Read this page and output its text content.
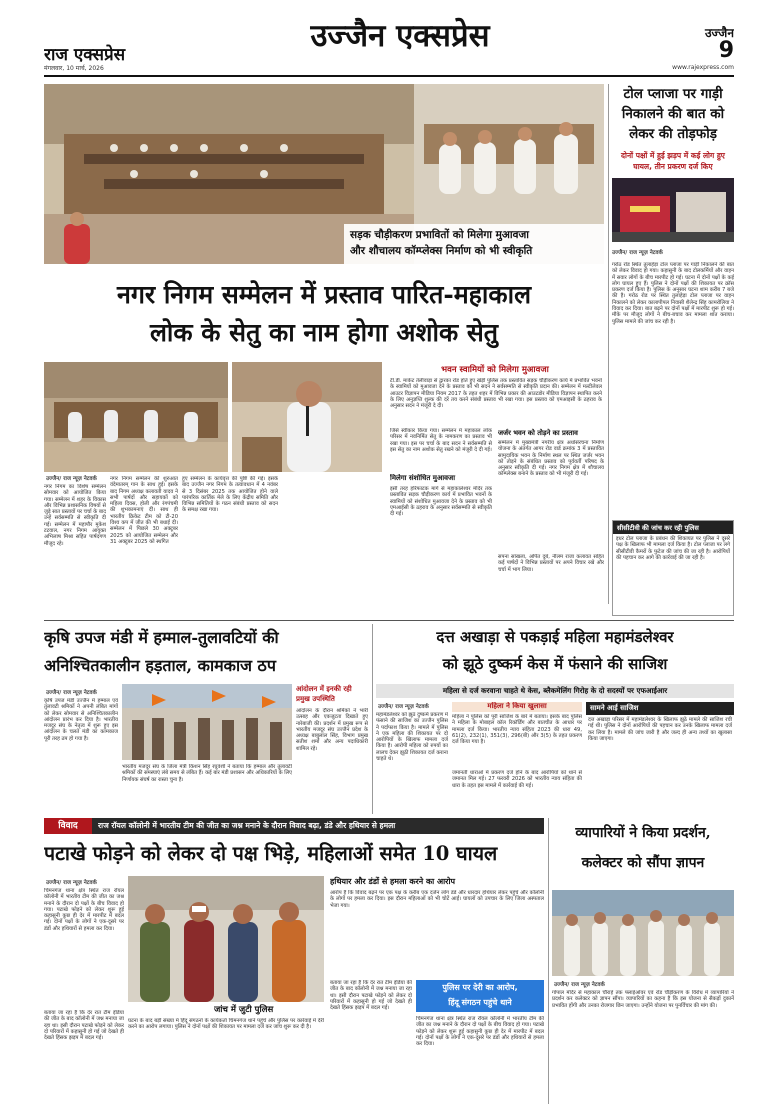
राज एक्सप्रेस
मंगलवार, 10 मार्च, 2026
उज्जैन एक्सप्रेस	उज्जैन
9
www.rajexpress.com
सड़क चौड़ीकरण प्रभावितों को मिलेगा मुआवजा
और शौचालय कॉम्प्लेक्स निर्माण को भी स्वीकृति
नगर निगम सम्मेलन में प्रस्ताव पारित-महाकाल
लोक के सेतु का नाम होगा अशोक सेतु
उज्जैन/ राज न्यूज़ नेटवर्क
नगर निगम का विशेष सम्मेलन सोमवार को आयोजित किया गया। सम्मेलन में शहर के विकास और विभिन्न प्रशासनिक विषयों से जुड़े सात प्रस्तावों पर चर्चा के बाद उन्हें सर्वसम्मति से स्वीकृति दी गई। सम्मेलन में महापौर मुकेश टटवाल, नगर निगम आयुक्त अभिलाष मिश्रा सहित पार्षदगण मौजूद रहे।
नगर निगम सम्मेलन की शुरुआत वंदेमातरम् गान के साथ हुई। इसके बाद निगम अध्यक्ष कलावती यादव ने सभी पार्षदों और सहायकों को महिला दिवस, होली और रंगपंचमी की शुभकामनाएं दीं। साथ ही भारतीय क्रिकेट टीम को टी-20 विश्व कप में जीत की भी बधाई दी। सम्मेलन में पिछले 30 अक्टूबर 2025 को आयोजित सम्मेलन और 31 अक्टूबर 2025 को स्थगित
हुए सम्मेलन के कार्यवृत्त की पुष्टि की गई। इसके बाद उज्जैन नगर निगम के तत्वावधान में 4 नवंबर से 3 दिसंबर 2025 तक आयोजित होने वाले पारंपरिक कार्तिक मेले के लिए केंद्रीय समिति और विभिन्न समितियों के गठन संबंधी प्रस्ताव को सदन के समक्ष रखा गया।
भवन स्वामियों को मिलेगा मुआवजा
टी.डी. मार्केट तेलीवाड़ा से द्वारका रोड होते हुए खेड़ी पुलिस तक प्रस्तावित सड़क चौड़ीकरण कार्य में प्रभावित भवनों के स्वामियों को मुआवजा देने के प्रस्ताव को भी सदन ने सर्वसम्मति से स्वीकृति प्रदान की। सम्मेलन में मल्टीलेवल आउटर विज्ञापन मीडिया नियम 2017 के तहत शहर में विभिन्न प्रकार की आउटडोर मीडिया विज्ञापन स्थापित करने के लिए अनुज्ञप्ति शुल्क की दरें तय करने संबंधी प्रस्ताव भी रखा गया। इस प्रस्ताव को एमआइसी के ठहराव के अनुसार सदन ने मंजूरी दे दी।
जिसे स्वीकार किया गया। सम्मेलन में महाकाल लोक परिसर में नवनिर्मित सेतु के नामकरण का प्रस्ताव भी रखा गया। इस पर चर्चा के बाद सदन ने सर्वसम्मति से इस सेतु का नाम अशोक सेतु रखने को मंजूरी दे दी गई।
मिलेगा संशोधित मुआवजा
इसी तरह हरिफाटक मार्ग से महाकालेश्वर मंदिर तक प्रस्तावित सड़क चौड़ीकरण कार्य में प्रभावित भवनों के स्वामियों को संशोधित मुआवजा देने के प्रस्ताव को भी एमआईसी के ठहराव के अनुसार सर्वसम्मति से स्वीकृति दी गई।
जर्जर भवन को तोड़ने का प्रस्ताव
सम्मेलन में मुख्यमंत्री नगरीय क्षेत्र अधोसंरचना निर्माण योजना के अंतर्गत आगर रोड वार्ड क्रमांक 3 में प्रस्तावित सामुदायिक भवन के निर्माण स्थल पर स्थित जर्जर भवन को तोड़ने के संबंधित प्रस्ताव को पूर्ववर्ती परिषद के अनुसार स्वीकृति दी गई। नगर निगम क्षेत्र में शौचालय कॉम्प्लेक्स बनाने के प्रस्ताव को भी मंजूरी दी गई।
सपना सांखला, अर्पित दुबे, नीलम राजा कलावत सहित कई पार्षदों ने विभिन्न प्रस्तावों पर अपने विचार रखे और चर्चा में भाग लिया।
टोल प्लाजा पर गाड़ी
निकालने की बात को
लेकर की तोड़फोड़
दोनों पक्षों में हुई झड़प में कई लोग हुए घायल, तीन प्रकरण दर्ज किए
उज्जैन/ राज न्यूज़ नेटवर्क
गरोठ रोड स्थित तुलाहेड़ा टोल प्लाजा पर गाड़ी निकालने की बात को लेकर विवाद हो गया। कहासुनी के बाद टोलकर्मियों और वाहन में सवार लोगों के बीच मारपीट हो गई। घटना में दोनों पक्षों के कई लोग घायल हुए हैं। पुलिस ने दोनों पक्षों की शिकायत पर क्रॉस प्रकरण दर्ज किया है। पुलिस के अनुसार घटना शाम करीब 7 बजे की है। गरोठ रोड पर स्थित तुलाहेड़ा टोल प्लाजा पर वाहन निकालने को लेकर कालापीपल निवासी शैलेन्द्र सिंह कामरोलिया ने विवाद कर दिया। बात बढ़ने पर दोनों पक्षों में मारपीट शुरू हो गई। मौके पर मौजूद लोगों ने बीच-बचाव कर मामला शांत कराया। पुलिस मामले की जांच कर रही है।
सीसीटीवी की जांच कर रही पुलिस
इधर टोल प्लाजा के प्रबंधन की शिकायत पर पुलिस ने दूसरे पक्ष के खिलाफ भी मामला दर्ज किया है। टोल प्लाजा पर लगे सीसीटीवी कैमरों के फुटेज की जांच की जा रही है। आरोपियों की पहचान कर आगे की कार्रवाई की जा रही है।
कृषि उपज मंडी में हम्माल-तुलावटियों की
अनिश्चितकालीन हड़ताल, कामकाज ठप
उज्जैन/ राज न्यूज़ नेटवर्क
कृषि उपज मंडी उज्जैन में हम्माल एवं तुलावटी श्रमिकों ने अपनी लंबित मांगों को लेकर सोमवार से अनिश्चितकालीन आंदोलन प्रारंभ कर दिया है। भारतीय मजदूर संघ के नेतृत्व में शुरू हुए इस आंदोलन के चलते मंडी का कामकाज पूरी तरह ठप हो गया है।
आंदोलन में इनकी रही प्रमुख उपस्थिति
आंदोलन के दौरान श्रमिकों ने भारी उत्साह और एकजुटता दिखाते हुए नारेबाजी की। प्रदर्शन में प्रमुख रूप से भारतीय मजदूर संघ उज्जैन प्रदेश के अध्यक्ष बाबुलाल सिंह, विभाग प्रमुख सतीश शर्मा और अन्य पदाधिकारी शामिल रहे।
भारतीय मजदूर संघ के जिला मंत्री किशन सिंह रघुवंशी ने बताया कि हम्माल और तुलावटी श्रमिकों की समस्याएं लंबे समय से लंबित हैं। कई बार मंडी प्रशासन और अधिकारियों के लिए निर्णायक संघर्ष का रास्ता चुना है।
दत्त अखाड़ा से पकड़ाई महिला महामंडलेश्वर
को झूठे दुष्कर्म केस में फंसाने की साजिश
महिला से दर्ज करवाना चाहते थे केस, ब्लैकमेलिंग गिरोह के दो सदस्यों पर एफआईआर
उज्जैन/ राज न्यूज़ नेटवर्क
महामंडलेश्वर को झूठे दुष्कर्म प्रकरण में फंसाने की साजिश का उज्जैन पुलिस ने पर्दाफाश किया है। मामले में पुलिस ने एक महिला की शिकायत पर दो आरोपियों के खिलाफ मामला दर्ज किया है। आरोपी महिला को रुपयों का लालच देकर झूठी शिकायत दर्ज कराना चाहते थे।
महिला ने किया खुलासा
महिला ने पुलिस को पूरी साजिश के बारे में बताया। इसके बाद पुलिस ने महिला के मोबाइल कॉल रिकॉर्डिंग और बातचीत के आधार पर मामला दर्ज किया। भारतीय न्याय संहिता 2023 की धारा 49, 61(2), 232(1), 351(3), 296(बी) और 3(5) के तहत प्रकरण दर्ज किया गया है।
जमानती धाराओं में प्रकरण दर्ज होने के बाद आरोपियों को थाने से जमानत मिल गई। 27 फरवरी 2026 को भारतीय न्याय संहिता की धारा के तहत इस मामले में कार्रवाई की गई।
सामने आई साजिश
दत्त अखाड़ा परिसर में महामंडलेश्वर के खिलाफ झूठे मामले की साजिश रची गई थी। पुलिस ने दोनों आरोपियों की पहचान कर उनके खिलाफ मामला दर्ज कर लिया है। मामले की जांच जारी है और जल्द ही अन्य तथ्यों का खुलासा किया जाएगा।
विवाद	राज रॉयल कॉलोनी में भारतीय टीम की जीत का जश्न मनाने के दौरान विवाद बढ़ा, डंडे और हथियार से हमला
पटाखे फोड़ने को लेकर दो पक्ष भिड़े, महिलाओं समेत 10 घायल
उज्जैन/ राज न्यूज़ नेटवर्क
चिमनगंज थाना क्षेत्र स्थित राज रॉयल कॉलोनी में भारतीय टीम की जीत का जश्न मनाने के दौरान दो पक्षों के बीच विवाद हो गया। पटाखे फोड़ने को लेकर शुरू हुई कहासुनी कुछ ही देर में मारपीट में बदल गई। दोनों पक्षों के लोगों ने एक-दूसरे पर डंडों और हथियारों से हमला कर दिया।
बताया जा रहा है कि देर रात टीम इंडिया की जीत के बाद कॉलोनी में जश्न मनाया जा रहा था। इसी दौरान पटाखे फोड़ने को लेकर दो परिवारों में कहासुनी हो गई जो देखते ही देखते हिंसक झड़प में बदल गई।
जांच में जुटी पुलिस
घटना के बाद बड़ी संख्या में हिंदू संगठनों के कार्यकर्ता चिमनगंज थाने पहुंचे और पुलिस पर कार्रवाई में देरी करने का आरोप लगाया। पुलिस ने दोनों पक्षों की शिकायत पर मामला दर्ज कर जांच शुरू कर दी है।
हथियार और डंडों से हमला करने का आरोप
आरोप है कि विवाद बढ़ने पर एक पक्ष के करीब एक दर्जन लोग डंडे और धारदार हथियार लेकर पहुंचे और कॉलोनी के लोगों पर हमला कर दिया। इस दौरान महिलाओं को भी चोटें आईं। घायलों को उपचार के लिए जिला अस्पताल भेजा गया।
पुलिस पर देरी का आरोप,
हिंदू संगठन पहुंचे थाने
बताया जा रहा है कि देर रात टीम इंडिया की जीत के बाद कॉलोनी में जश्न मनाया जा रहा था। इसी दौरान पटाखे फोड़ने को लेकर दो परिवारों में कहासुनी हो गई जो देखते ही देखते हिंसक झड़प में बदल गई।
चिमनगंज थाना क्षेत्र स्थित राज रॉयल कॉलोनी में भारतीय टीम की जीत का जश्न मनाने के दौरान दो पक्षों के बीच विवाद हो गया। पटाखे फोड़ने को लेकर शुरू हुई कहासुनी कुछ ही देर में मारपीट में बदल गई। दोनों पक्षों के लोगों ने एक-दूसरे पर डंडों और हथियारों से हमला कर दिया।
व्यापारियों ने किया प्रदर्शन,
कलेक्टर को सौंपा ज्ञापन
उज्जैन/ राज न्यूज़ नेटवर्क
गोपाल मंदिर से महाकाल चौराहे तक फ्लाईओवर एवं रोड चौड़ीकरण के विरोध में व्यापारियों ने प्रदर्शन कर कलेक्टर को ज्ञापन सौंपा। व्यापारियों का कहना है कि इस योजना से सैकड़ों दुकानें प्रभावित होंगी और उनका रोजगार छिन जाएगा। उन्होंने योजना पर पुनर्विचार की मांग की।
